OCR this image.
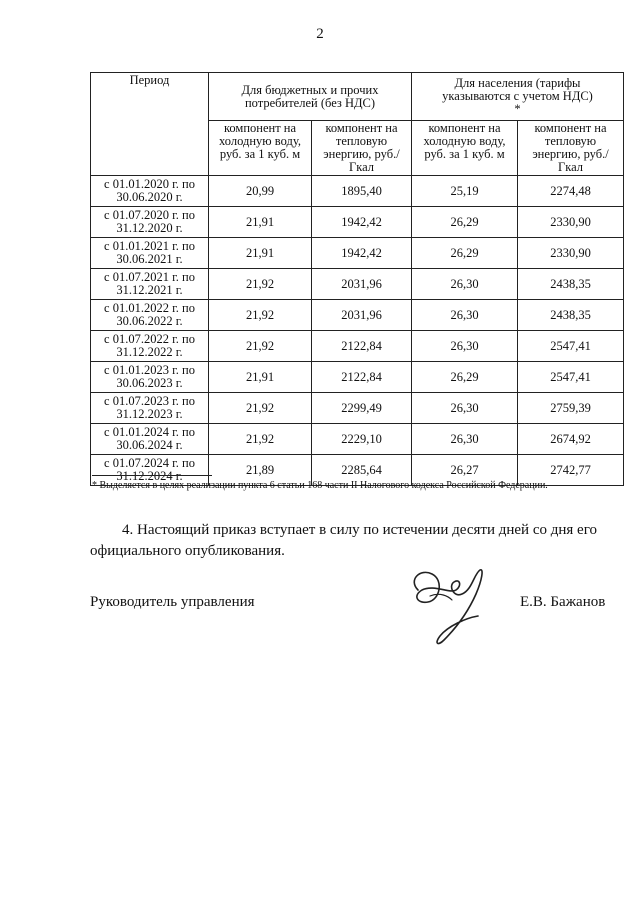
2
Период	Для бюджетных и прочих потребителей (без НДС)		Для населения (тарифы указываются с учетом НДС) *	
	компонент на холодную воду, руб. за 1 куб. м	компонент на тепловую энергию, руб./Гкал	компонент на холодную воду, руб. за 1 куб. м	компонент на тепловую энергию, руб./Гкал
с 01.01.2020 г. по
30.06.2020 г.	20,99	1895,40	25,19	2274,48
с 01.07.2020 г. по
31.12.2020 г.	21,91	1942,42	26,29	2330,90
с 01.01.2021 г. по
30.06.2021 г.	21,91	1942,42	26,29	2330,90
с 01.07.2021 г. по
31.12.2021 г.	21,92	2031,96	26,30	2438,35
с 01.01.2022 г. по
30.06.2022 г.	21,92	2031,96	26,30	2438,35
с 01.07.2022 г. по
31.12.2022 г.	21,92	2122,84	26,30	2547,41
с 01.01.2023 г. по
30.06.2023 г.	21,91	2122,84	26,29	2547,41
с 01.07.2023 г. по
31.12.2023 г.	21,92	2299,49	26,30	2759,39
с 01.01.2024 г. по
30.06.2024 г.	21,92	2229,10	26,30	2674,92
с 01.07.2024 г. по
31.12.2024 г.	21,89	2285,64	26,27	2742,77
* Выделяется в целях реализации пункта 6 статьи 168 части II Налогового кодекса Российской Федерации.
4. Настоящий приказ вступает в силу по истечении десяти дней со дня его официального опубликования.
Руководитель управления	Е.В. Бажанов
